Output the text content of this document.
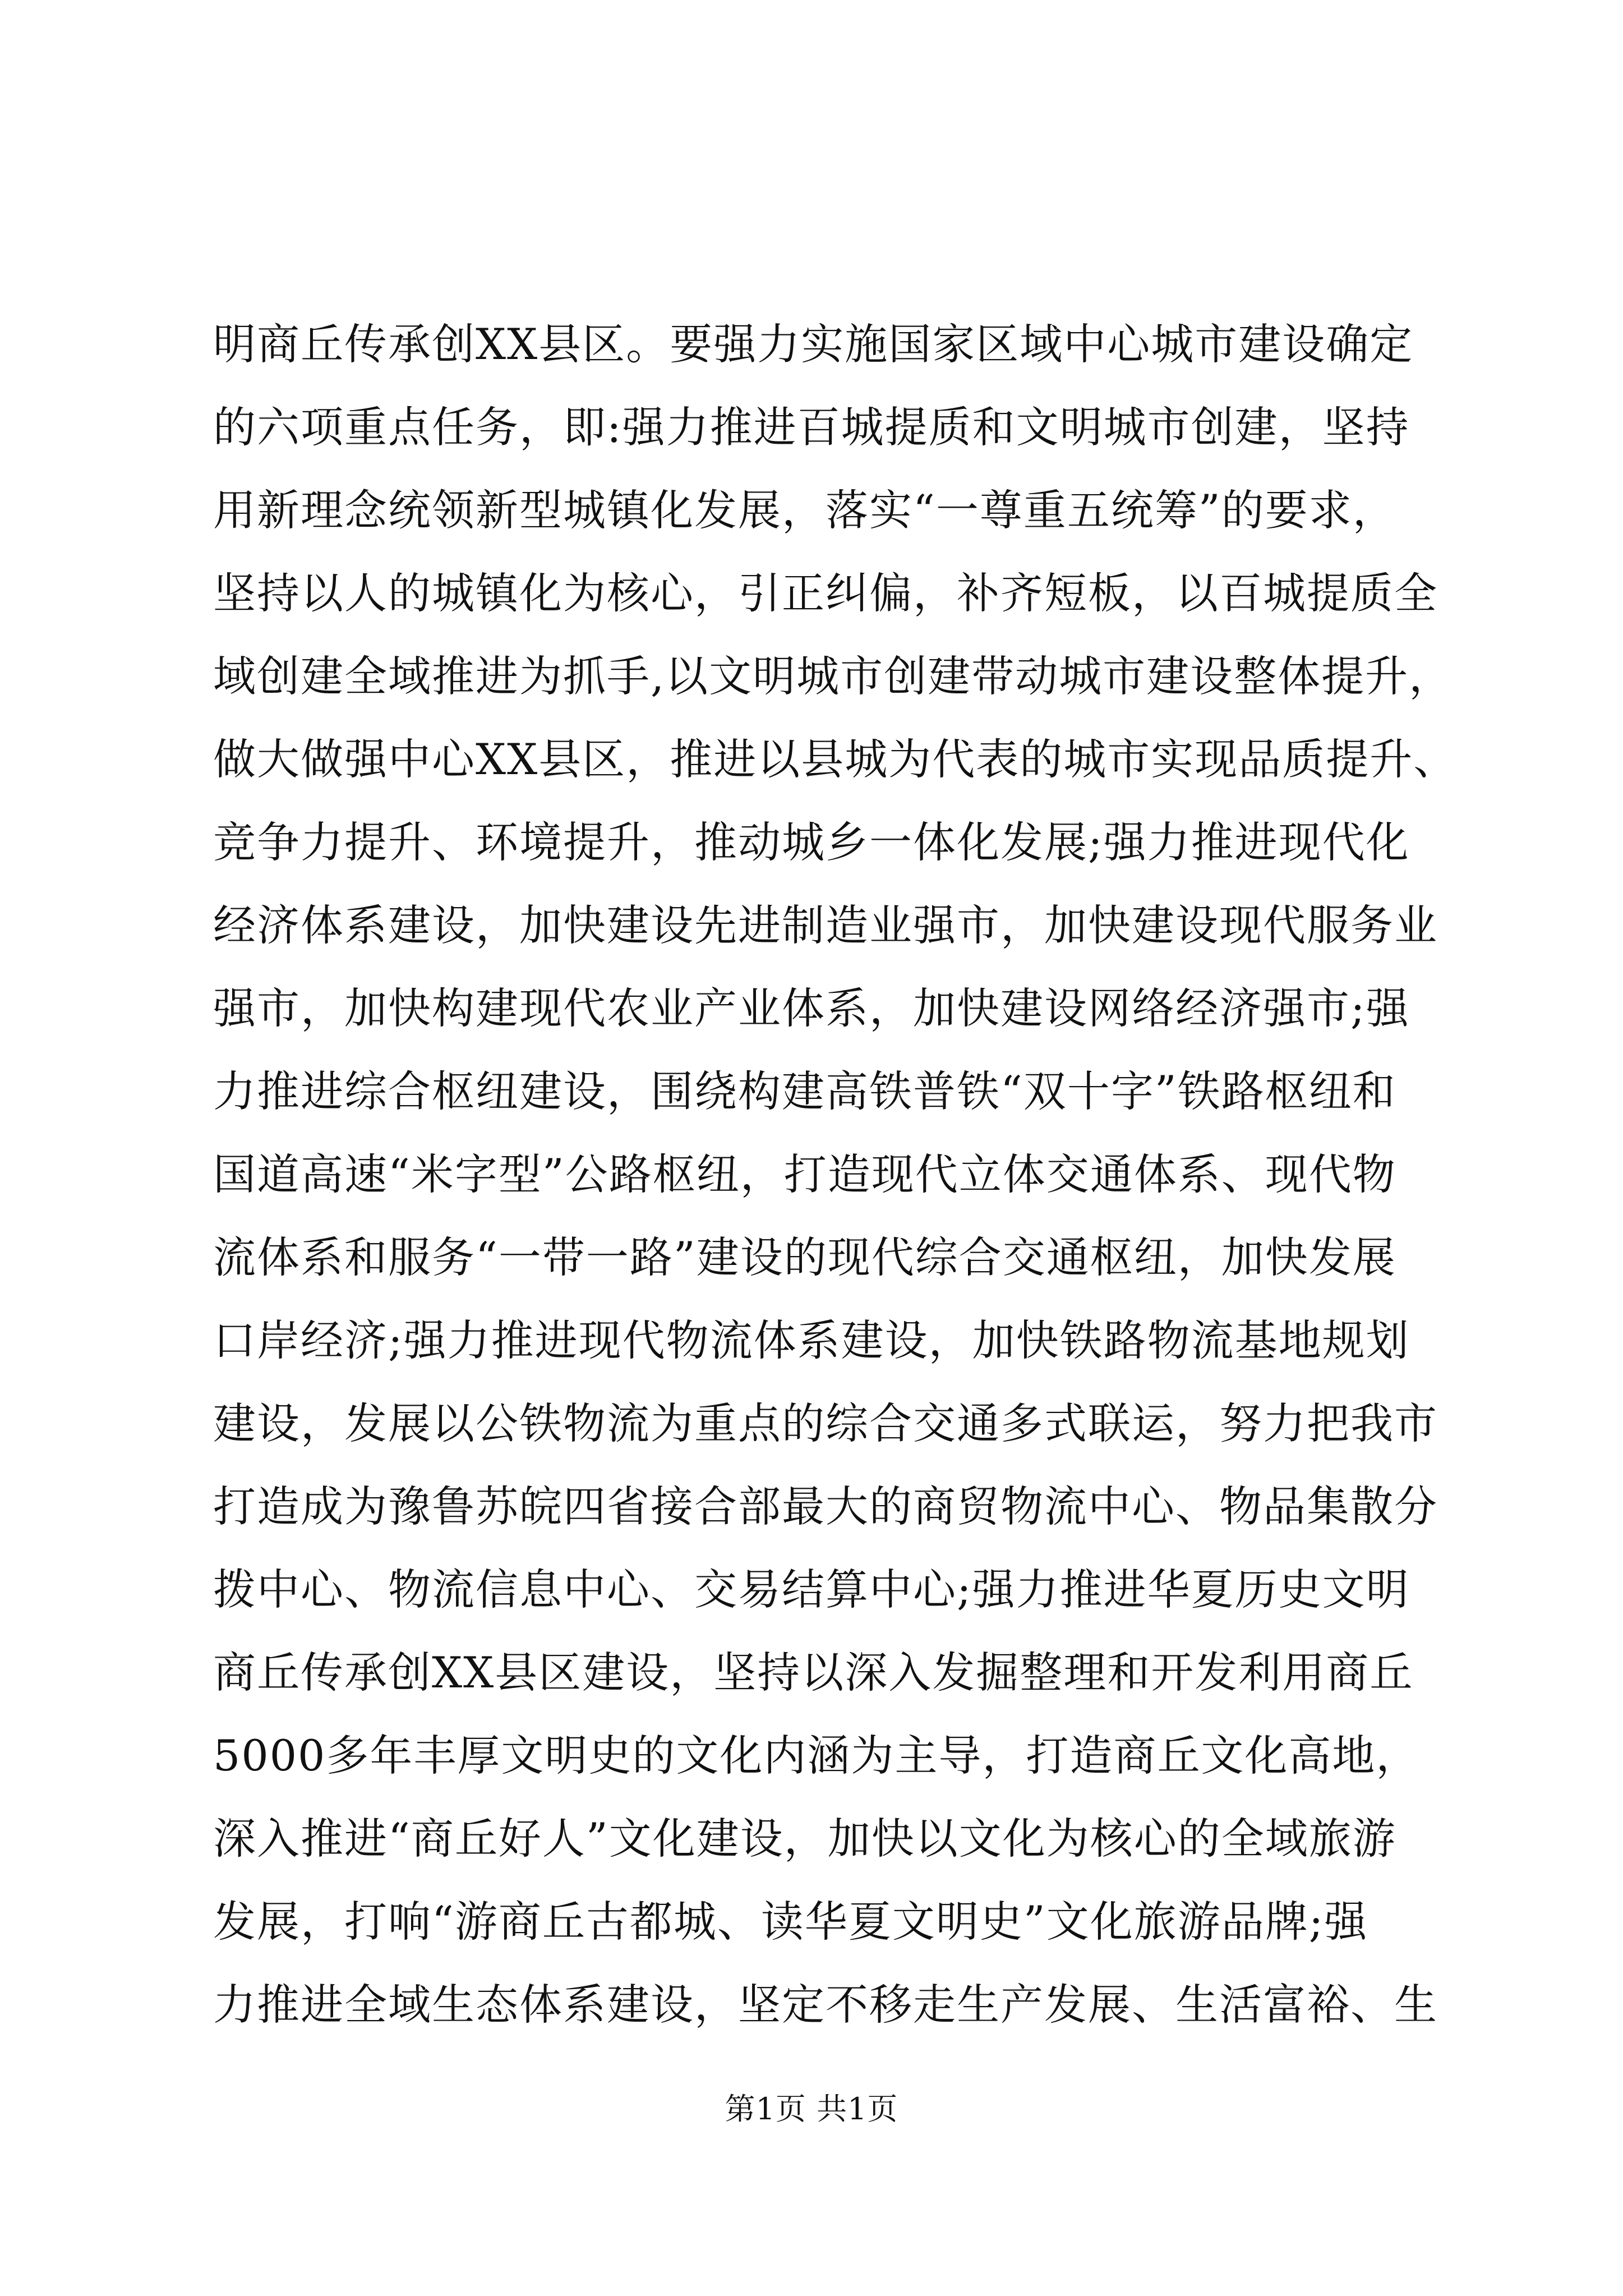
明商丘传承创XX县区。要强力实施国家区域中心城市建设确定
的六项重点任务，即:强力推进百城提质和文明城市创建，坚持
用新理念统领新型城镇化发展，落实“一尊重五统筹”的要求，
坚持以人的城镇化为核心，引正纠偏，补齐短板，以百城提质全
域创建全域推进为抓手,以文明城市创建带动城市建设整体提升，
做大做强中心XX县区，推进以县城为代表的城市实现品质提升、
竞争力提升、环境提升，推动城乡一体化发展;强力推进现代化
经济体系建设，加快建设先进制造业强市，加快建设现代服务业
强市，加快构建现代农业产业体系，加快建设网络经济强市;强
力推进综合枢纽建设，围绕构建高铁普铁“双十字”铁路枢纽和
国道高速“米字型”公路枢纽，打造现代立体交通体系、现代物
流体系和服务“一带一路”建设的现代综合交通枢纽，加快发展
口岸经济;强力推进现代物流体系建设，加快铁路物流基地规划
建设，发展以公铁物流为重点的综合交通多式联运，努力把我市
打造成为豫鲁苏皖四省接合部最大的商贸物流中心、物品集散分
拨中心、物流信息中心、交易结算中心;强力推进华夏历史文明
商丘传承创XX县区建设，坚持以深入发掘整理和开发利用商丘
5000多年丰厚文明史的文化内涵为主导，打造商丘文化高地，
深入推进“商丘好人”文化建设，加快以文化为核心的全域旅游
发展，打响“游商丘古都城、读华夏文明史”文化旅游品牌;强
力推进全域生态体系建设，坚定不移走生产发展、生活富裕、生
第1页 共1页
